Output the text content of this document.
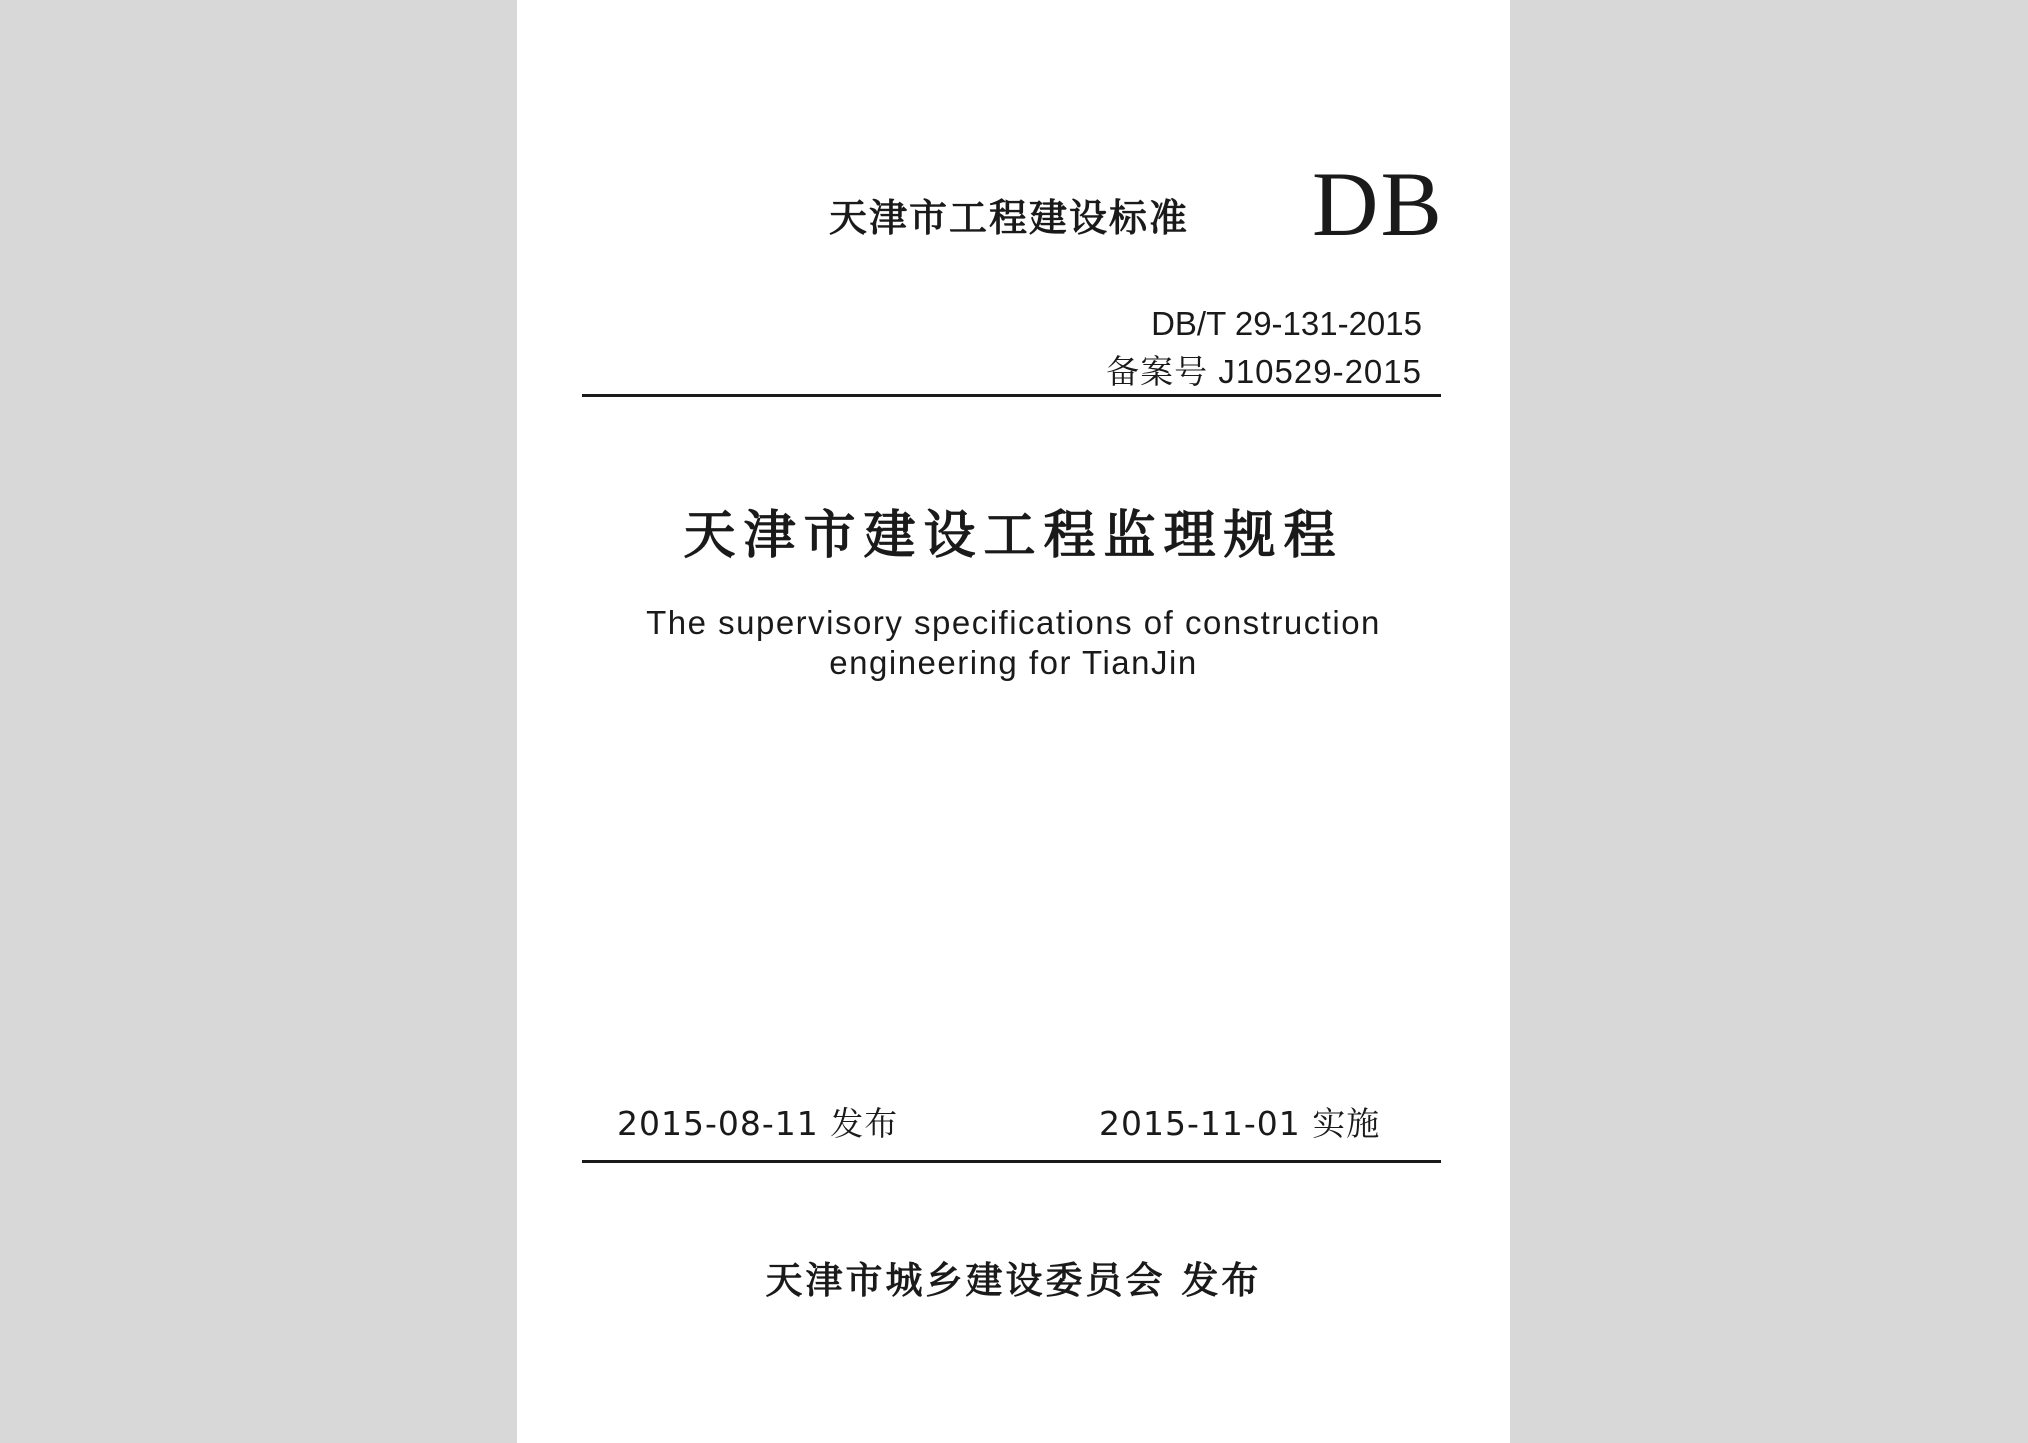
天津市工程建设标准 DB
DB/T 29-131-2015
备案号 J10529-2015
天津市建设工程监理规程
The supervisory specifications of construction
engineering for TianJin
2015-08-11 发布	2015-11-01 实施
天津市城乡建设委员会 发布
